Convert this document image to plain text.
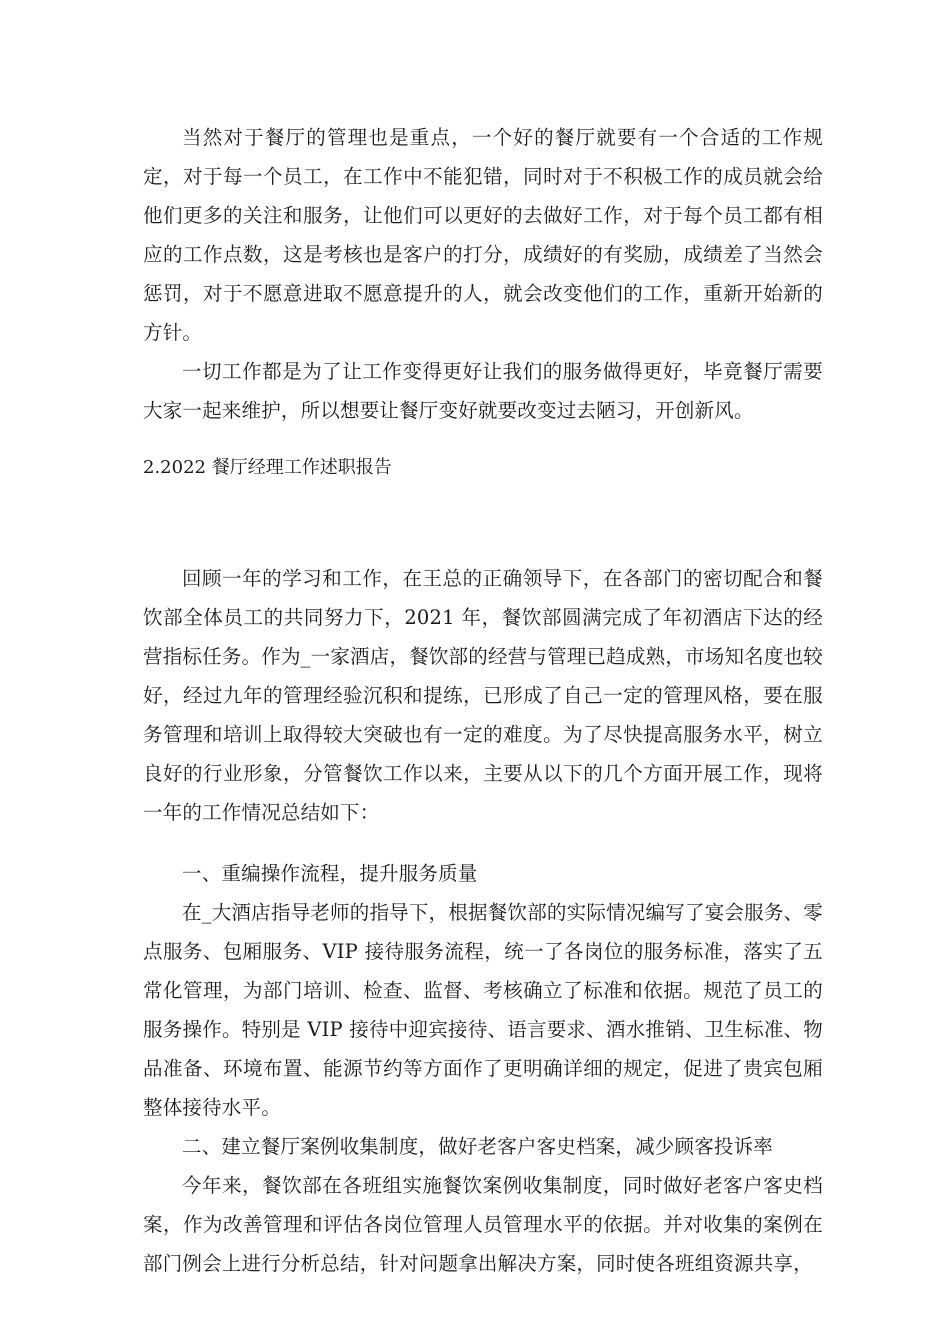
当然对于餐厅的管理也是重点，一个好的餐厅就要有一个合适的工作规定，对于每一个员工，在工作中不能犯错，同时对于不积极工作的成员就会给他们更多的关注和服务，让他们可以更好的去做好工作，对于每个员工都有相应的工作点数，这是考核也是客户的打分，成绩好的有奖励，成绩差了当然会惩罚，对于不愿意进取不愿意提升的人，就会改变他们的工作，重新开始新的方针。

一切工作都是为了让工作变得更好让我们的服务做得更好，毕竟餐厅需要大家一起来维护，所以想要让餐厅变好就要改变过去陋习，开创新风。

2.2022 餐厅经理工作述职报告

回顾一年的学习和工作，在王总的正确领导下，在各部门的密切配合和餐饮部全体员工的共同努力下，2021 年，餐饮部圆满完成了年初酒店下达的经营指标任务。作为_一家酒店，餐饮部的经营与管理已趋成熟，市场知名度也较好，经过九年的管理经验沉积和提练，已形成了自己一定的管理风格，要在服务管理和培训上取得较大突破也有一定的难度。为了尽快提高服务水平，树立良好的行业形象，分管餐饮工作以来，主要从以下的几个方面开展工作，现将一年的工作情况总结如下：

一、重编操作流程，提升服务质量

在_大酒店指导老师的指导下，根据餐饮部的实际情况编写了宴会服务、零点服务、包厢服务、VIP 接待服务流程，统一了各岗位的服务标准，落实了五常化管理，为部门培训、检查、监督、考核确立了标准和依据。规范了员工的服务操作。特别是 VIP 接待中迎宾接待、语言要求、酒水推销、卫生标准、物品准备、环境布置、能源节约等方面作了更明确详细的规定，促进了贵宾包厢整体接待水平。

二、建立餐厅案例收集制度，做好老客户客史档案，减少顾客投诉率

今年来，餐饮部在各班组实施餐饮案例收集制度，同时做好老客户客史档案，作为改善管理和评估各岗位管理人员管理水平的依据。并对收集的案例在部门例会上进行分析总结，针对问题拿出解决方案，同时使各班组资源共享，
